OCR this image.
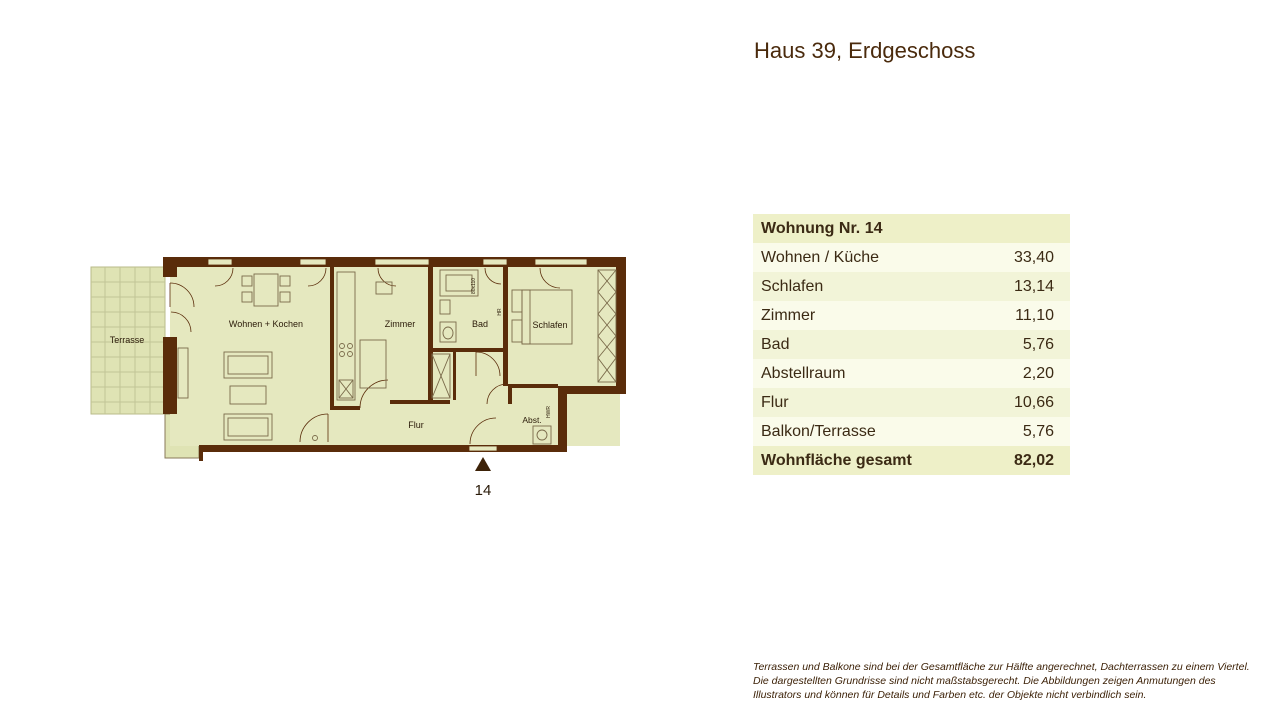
Haus 39, Erdgeschoss
Terrasse
Wohnen + Kochen	Zimmer	Bad	Schlafen
Flur	Abst.
80x110
HR
HWR
14
Wohnung Nr. 14	
Wohnen / Küche	33,40
Schlafen	13,14
Zimmer	11,10
Bad	5,76
Abstellraum	2,20
Flur	10,66
Balkon/Terrasse	5,76
Wohnfläche gesamt	82,02
Terrassen und Balkone sind bei der Gesamtfläche zur Hälfte angerechnet, Dachterrassen zu einem Viertel.
Die dargestellten Grundrisse sind nicht maßstabsgerecht. Die Abbildungen zeigen Anmutungen des
Illustrators und können für Details und Farben etc. der Objekte nicht verbindlich sein.
